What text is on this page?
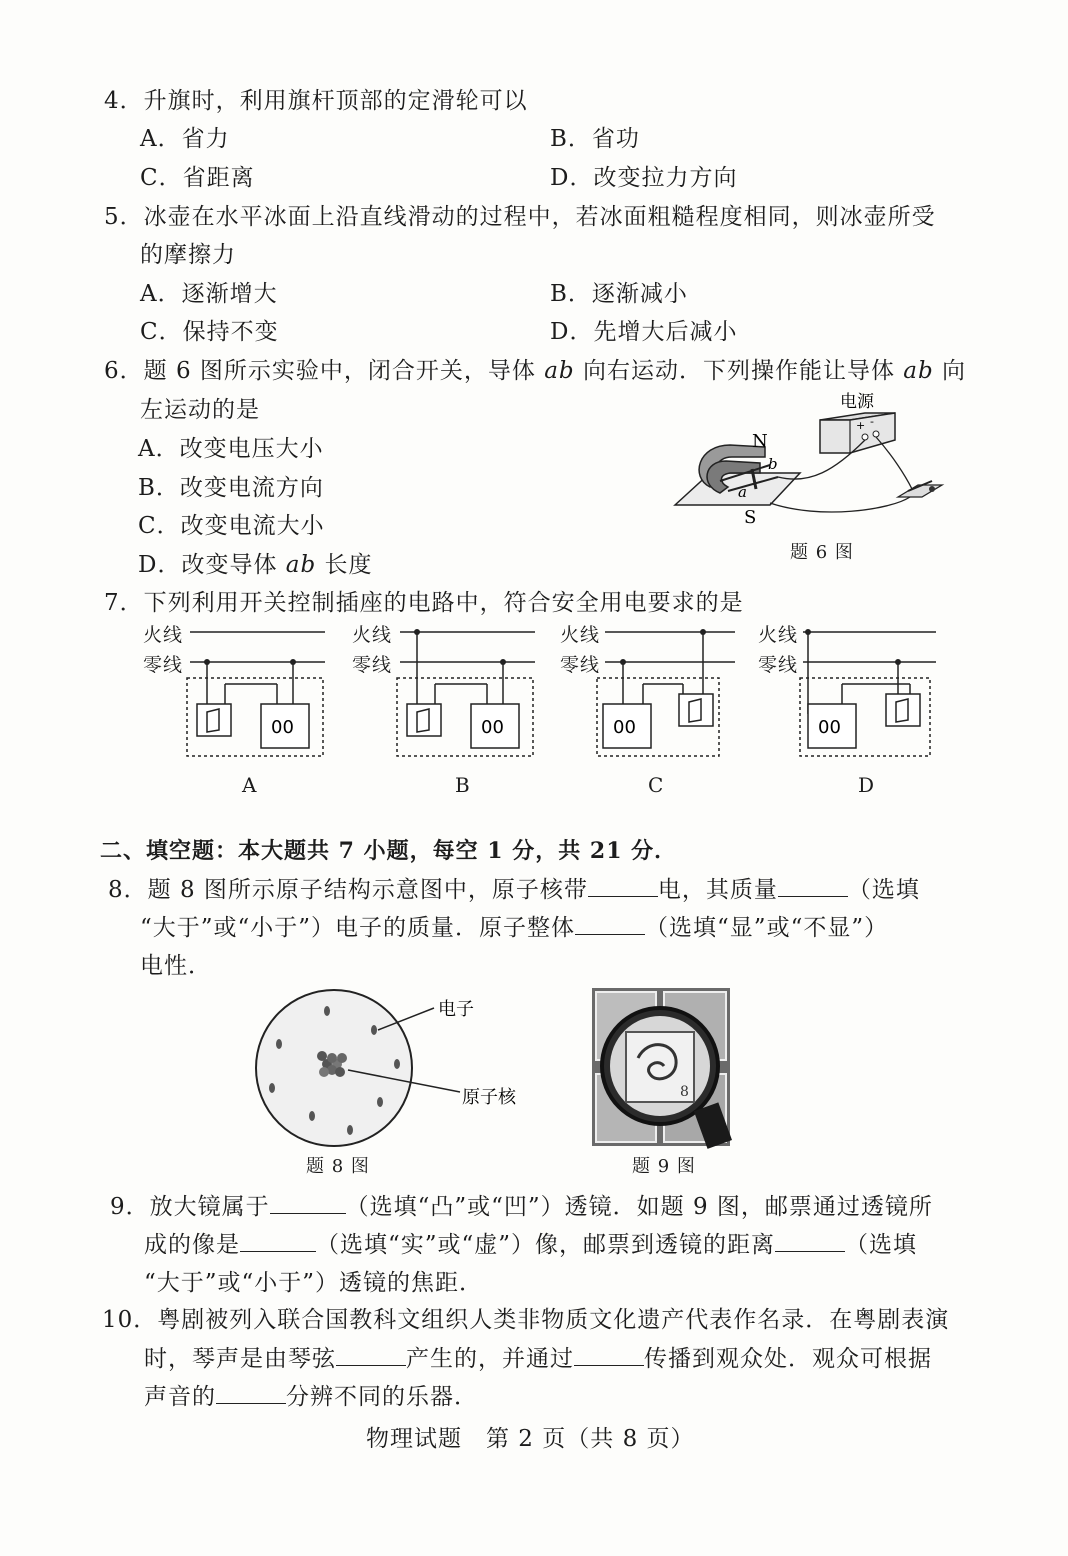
4．升旗时，利用旗杆顶部的定滑轮可以
A．省力	B．省功
C．省距离	D．改变拉力方向
5．冰壶在水平冰面上沿直线滑动的过程中，若冰面粗糙程度相同，则冰壶所受
的摩擦力
A．逐渐增大	B．逐渐减小
C．保持不变	D．先增大后减小
6．题 6 图所示实验中，闭合开关，导体 ab 向右运动．下列操作能让导体 ab 向
左运动的是
A．改变电压大小
B．改变电流方向
C．改变电流大小
D．改变导体 ab 长度
电源
+ -
N
S
b
a
题 6 图
7．下列利用开关控制插座的电路中，符合安全用电要求的是
火线
零线
00
A
火线
零线
00
B
火线
零线
00
C
火线
零线
00
D
二、填空题：本大题共 7 小题，每空 1 分，共 21 分．
8．题 8 图所示原子结构示意图中，原子核带	电，其质量	（选填
“大于”或“小于”）电子的质量．原子整体	（选填“显”或“不显”）
电性．
电子
原子核
题 8 图
8
题 9 图
9．放大镜属于	（选填“凸”或“凹”）透镜．如题 9 图，邮票通过透镜所
成的像是	（选填“实”或“虚”）像，邮票到透镜的距离	（选填
“大于”或“小于”）透镜的焦距．
10．粤剧被列入联合国教科文组织人类非物质文化遗产代表作名录．在粤剧表演
时，琴声是由琴弦	产生的，并通过	传播到观众处．观众可根据
声音的	分辨不同的乐器．
物理试题　第 2 页（共 8 页）
